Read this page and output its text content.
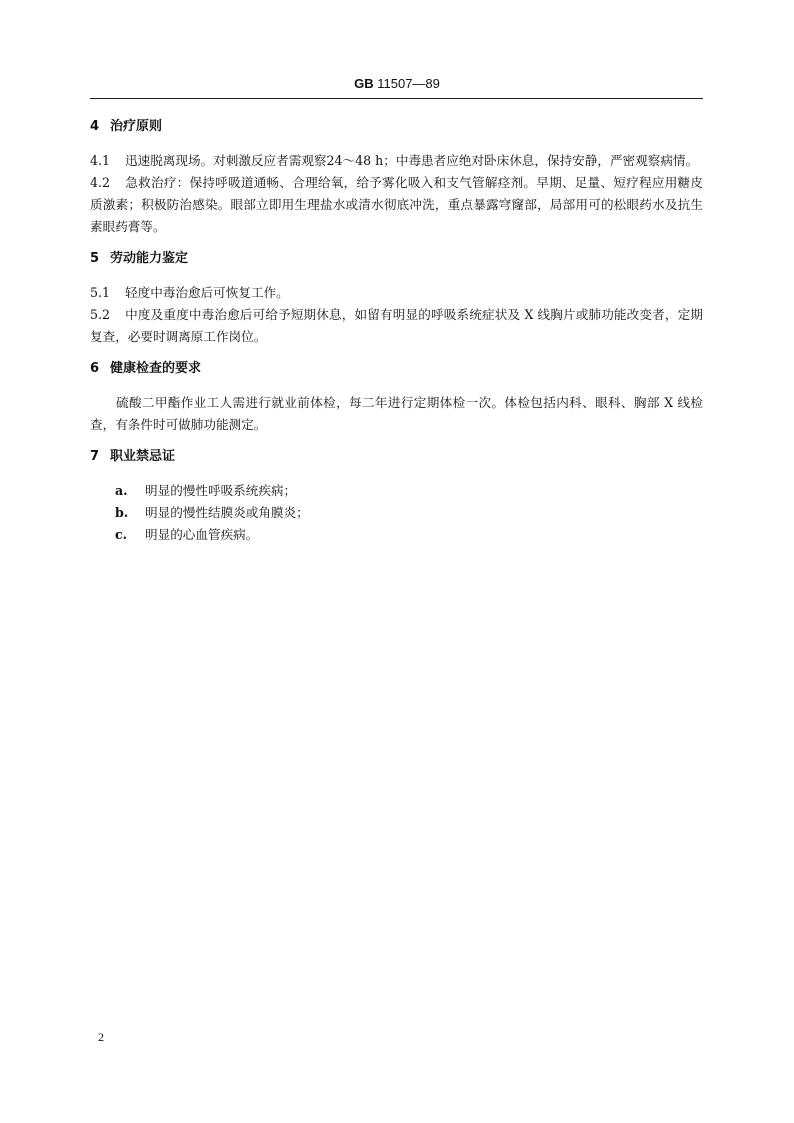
GB 11507—89

4 治疗原则

4.1 迅速脱离现场。对刺激反应者需观察24～48 h；中毒患者应绝对卧床休息，保持安静，严密观察病情。

4.2 急救治疗：保持呼吸道通畅、合理给氧，给予雾化吸入和支气管解痉剂。早期、足量、短疗程应用糖皮质激素；积极防治感染。眼部立即用生理盐水或清水彻底冲洗，重点暴露穹窿部，局部用可的松眼药水及抗生素眼药膏等。

5 劳动能力鉴定

5.1 轻度中毒治愈后可恢复工作。

5.2 中度及重度中毒治愈后可给予短期休息，如留有明显的呼吸系统症状及 X 线胸片或肺功能改变者，定期复查，必要时调离原工作岗位。

6 健康检查的要求

硫酸二甲酯作业工人需进行就业前体检，每二年进行定期体检一次。体检包括内科、眼科、胸部 X 线检查，有条件时可做肺功能测定。

7 职业禁忌证

a. 明显的慢性呼吸系统疾病；

b. 明显的慢性结膜炎或角膜炎；

c. 明显的心血管疾病。

2
